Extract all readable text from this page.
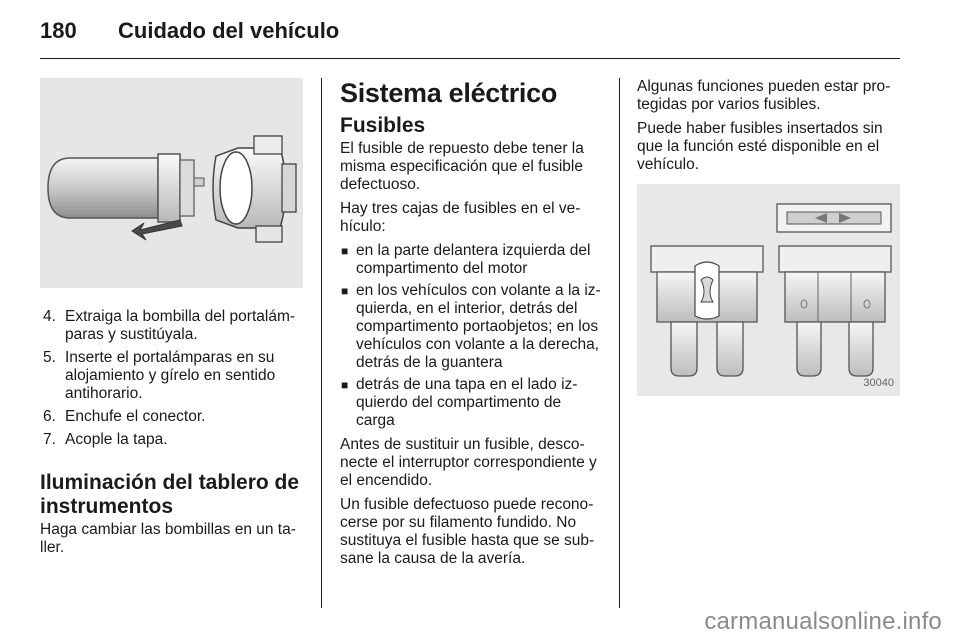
180 Cuidado del vehículo
4. Extraiga la bombilla del portalámparas y sustitúyala.
5. Inserte el portalámparas en su alojamiento y gírelo en sentido antihorario.
6. Enchufe el conector.
7. Acople la tapa.
Iluminación del tablero de instrumentos

Haga cambiar las bombillas en un taller.

Sistema eléctrico
Fusibles

El fusible de repuesto debe tener la misma especificación que el fusible defectuoso.

Hay tres cajas de fusibles en el vehículo:

■ en la parte delantera izquierda del compartimento del motor
■ en los vehículos con volante a la izquierda, en el interior, detrás del compartimento portaobjetos; en los vehículos con volante a la derecha, detrás de la guantera
■ detrás de una tapa en el lado izquierdo del compartimento de carga

Antes de sustituir un fusible, desconecte el interruptor correspondiente y el encendido.

Un fusible defectuoso puede reconocerse por su filamento fundido. No sustituya el fusible hasta que se subsane la causa de la avería.

Algunas funciones pueden estar protegidas por varios fusibles.

Puede haber fusibles insertados sin que la función esté disponible en el vehículo.

30040
carmanualsonline.info
